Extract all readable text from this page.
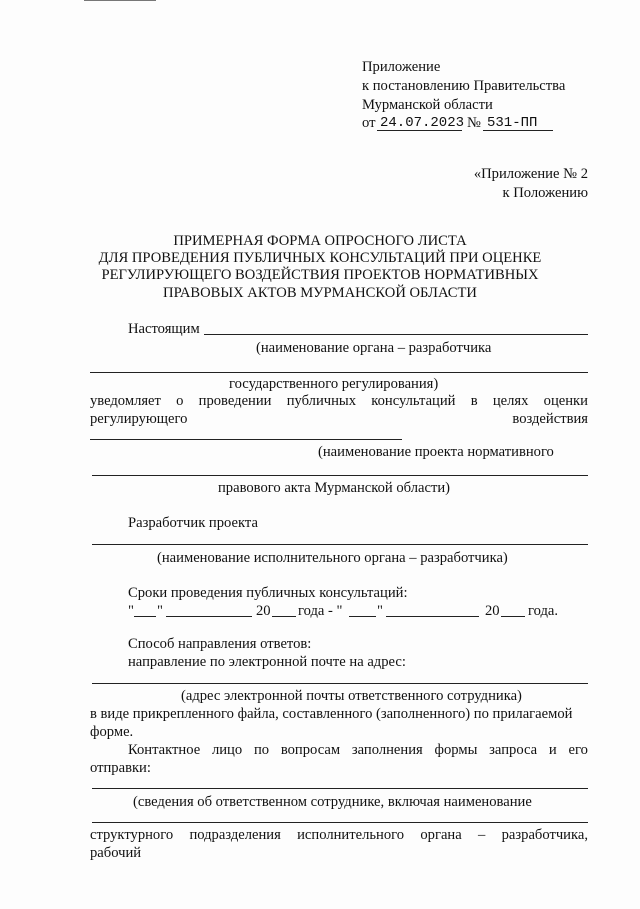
Приложение
к постановлению Правительства
Мурманской области
от 24.07.2023 № 531-ПП
«Приложение № 2
к Положению
ПРИМЕРНАЯ ФОРМА ОПРОСНОГО ЛИСТА
ДЛЯ ПРОВЕДЕНИЯ ПУБЛИЧНЫХ КОНСУЛЬТАЦИЙ ПРИ ОЦЕНКЕ
РЕГУЛИРУЮЩЕГО ВОЗДЕЙСТВИЯ ПРОЕКТОВ НОРМАТИВНЫХ
ПРАВОВЫХ АКТОВ МУРМАНСКОЙ ОБЛАСТИ
Настоящим
(наименование органа – разработчика
государственного регулирования)
уведомляет о проведении публичных консультаций в целях оценки
регулирующего	воздействия
(наименование проекта нормативного
правового акта Мурманской области)
Разработчик проекта
(наименование исполнительного органа – разработчика)
Сроки проведения публичных консультаций:
" "	20 года - " "	20 года.
Способ направления ответов:
направление по электронной почте на адрес:
(адрес электронной почты ответственного сотрудника)
в виде прикрепленного файла, составленного (заполненного) по прилагаемой
форме.
Контактное лицо по вопросам заполнения формы запроса и его
отправки:
(сведения об ответственном сотруднике, включая наименование
структурного подразделения исполнительного органа – разработчика,
рабочий
